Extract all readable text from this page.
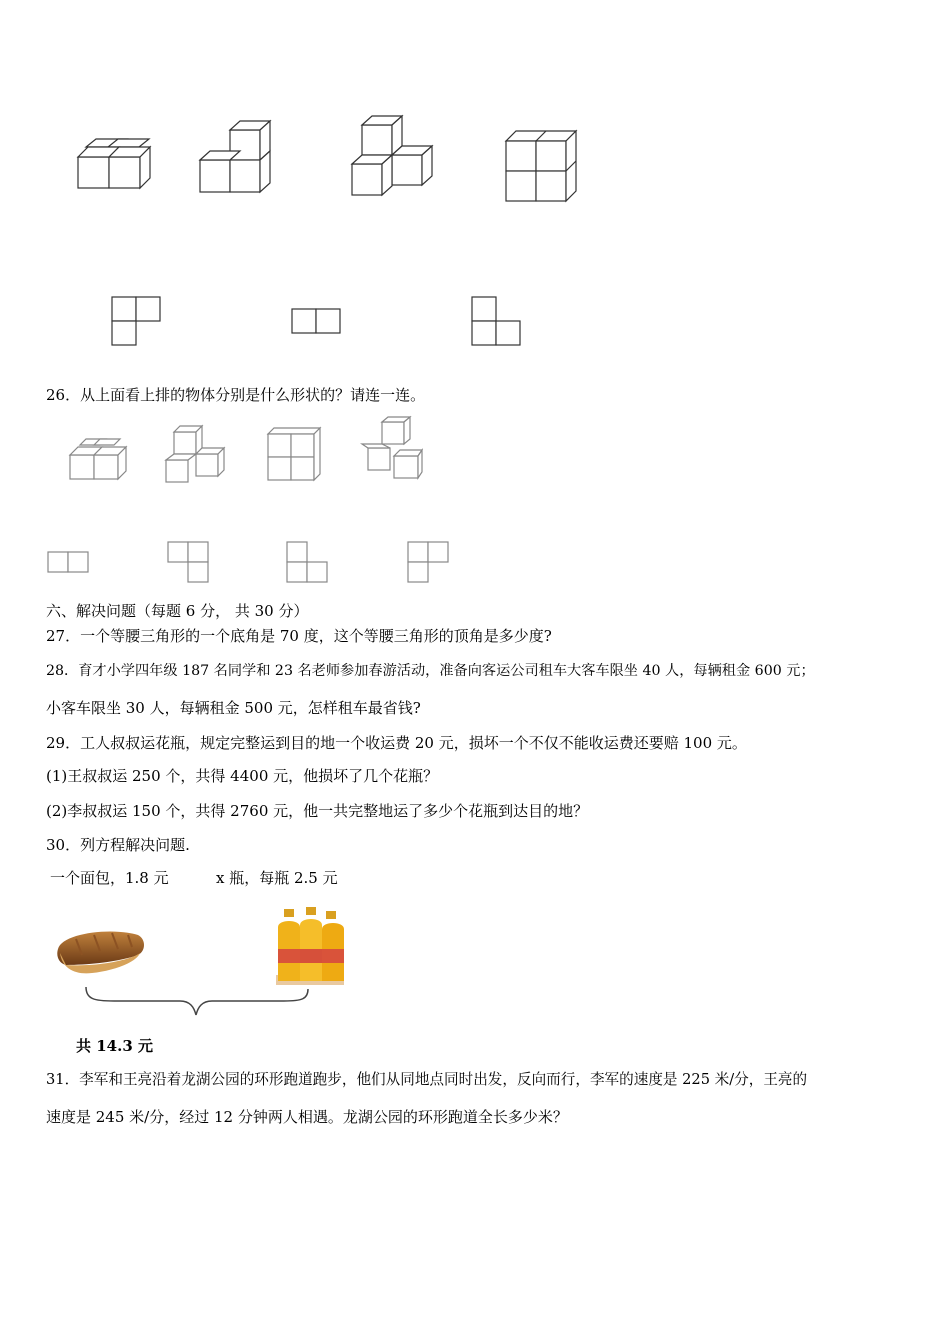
26．从上面看上排的物体分别是什么形状的？请连一连。
六、解决问题（每题 6 分， 共 30 分）
27．一个等腰三角形的一个底角是 70 度，这个等腰三角形的顶角是多少度?
28．育才小学四年级 187 名同学和 23 名老师参加春游活动，准备向客运公司租车大客车限坐 40 人，每辆租金 600 元；
小客车限坐 30 人，每辆租金 500 元，怎样租车最省钱?
29．工人叔叔运花瓶，规定完整运到目的地一个收运费 20 元，损坏一个不仅不能收运费还要赔 100 元。
(1)王叔叔运 250 个，共得 4400 元，他损坏了几个花瓶？
(2)李叔叔运 150 个，共得 2760 元，他一共完整地运了多少个花瓶到达目的地？
30．列方程解决问题.
一个面包，1.8 元	x 瓶，每瓶 2.5 元
共 14.3 元
31．李军和王亮沿着龙湖公园的环形跑道跑步，他们从同地点同时出发，反向而行，李军的速度是 225 米/分，王亮的
速度是 245 米/分，经过 12 分钟两人相遇。龙湖公园的环形跑道全长多少米？
